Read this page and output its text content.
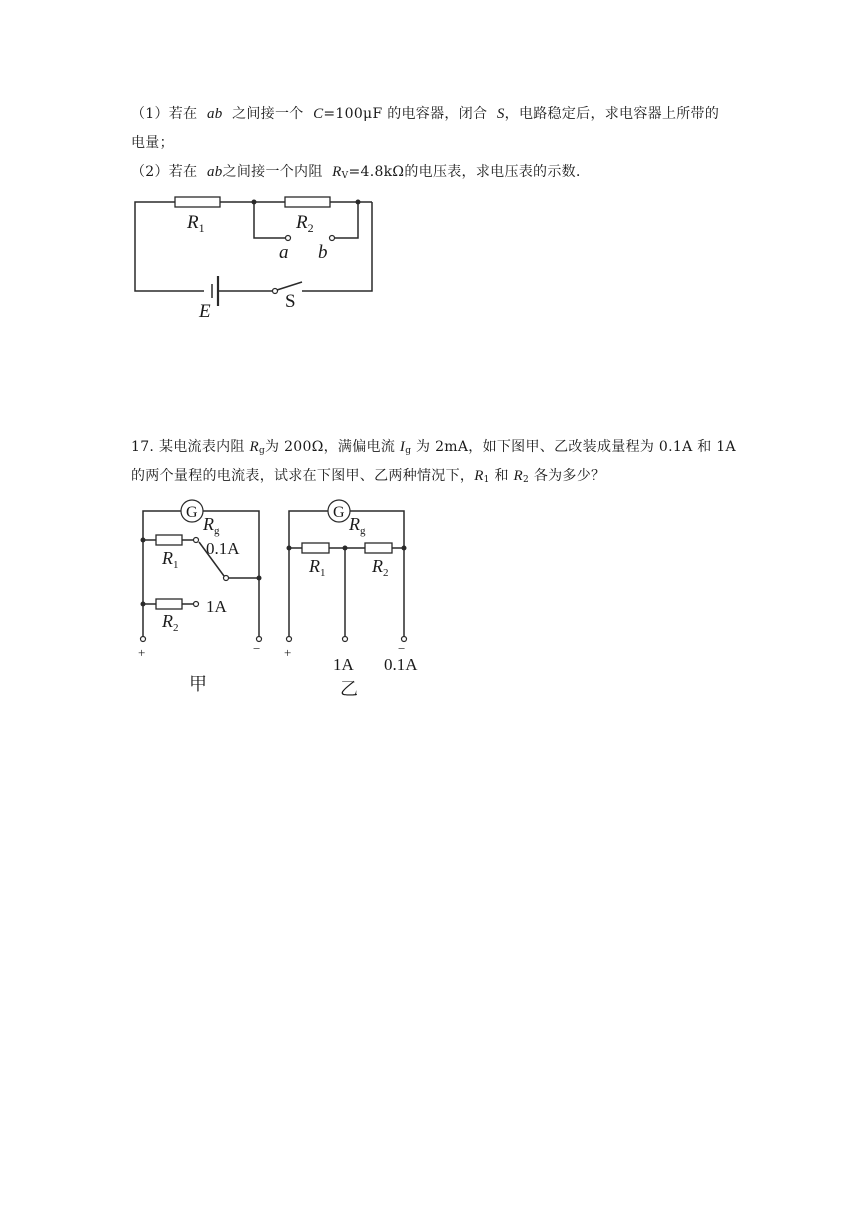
（1）若在 ab 之间接一个 C=100μF 的电容器，闭合 S，电路稳定后，求电容器上所带的
电量；
（2）若在 ab之间接一个内阻 $R_V=4.8k\Omega$的电压表，求电压表的示数．
$R_1$	$R_2$
a b
E	S
17. 某电流表内阻 $R_g$为 200Ω，满偏电流 $I_g$ 为 2mA，如下图甲、乙改装成量程为 0.1A 和 1A
的两个量程的电流表，试求在下图甲、乙两种情况下，$R_1$ 和 $R_2$ 各为多少？
G
$R_g$
0.1A
$R_1$
1A
$R_2$
+	−
甲
G
$R_g$
$R_1$	$R_2$
+	−
1A 0.1A
乙
